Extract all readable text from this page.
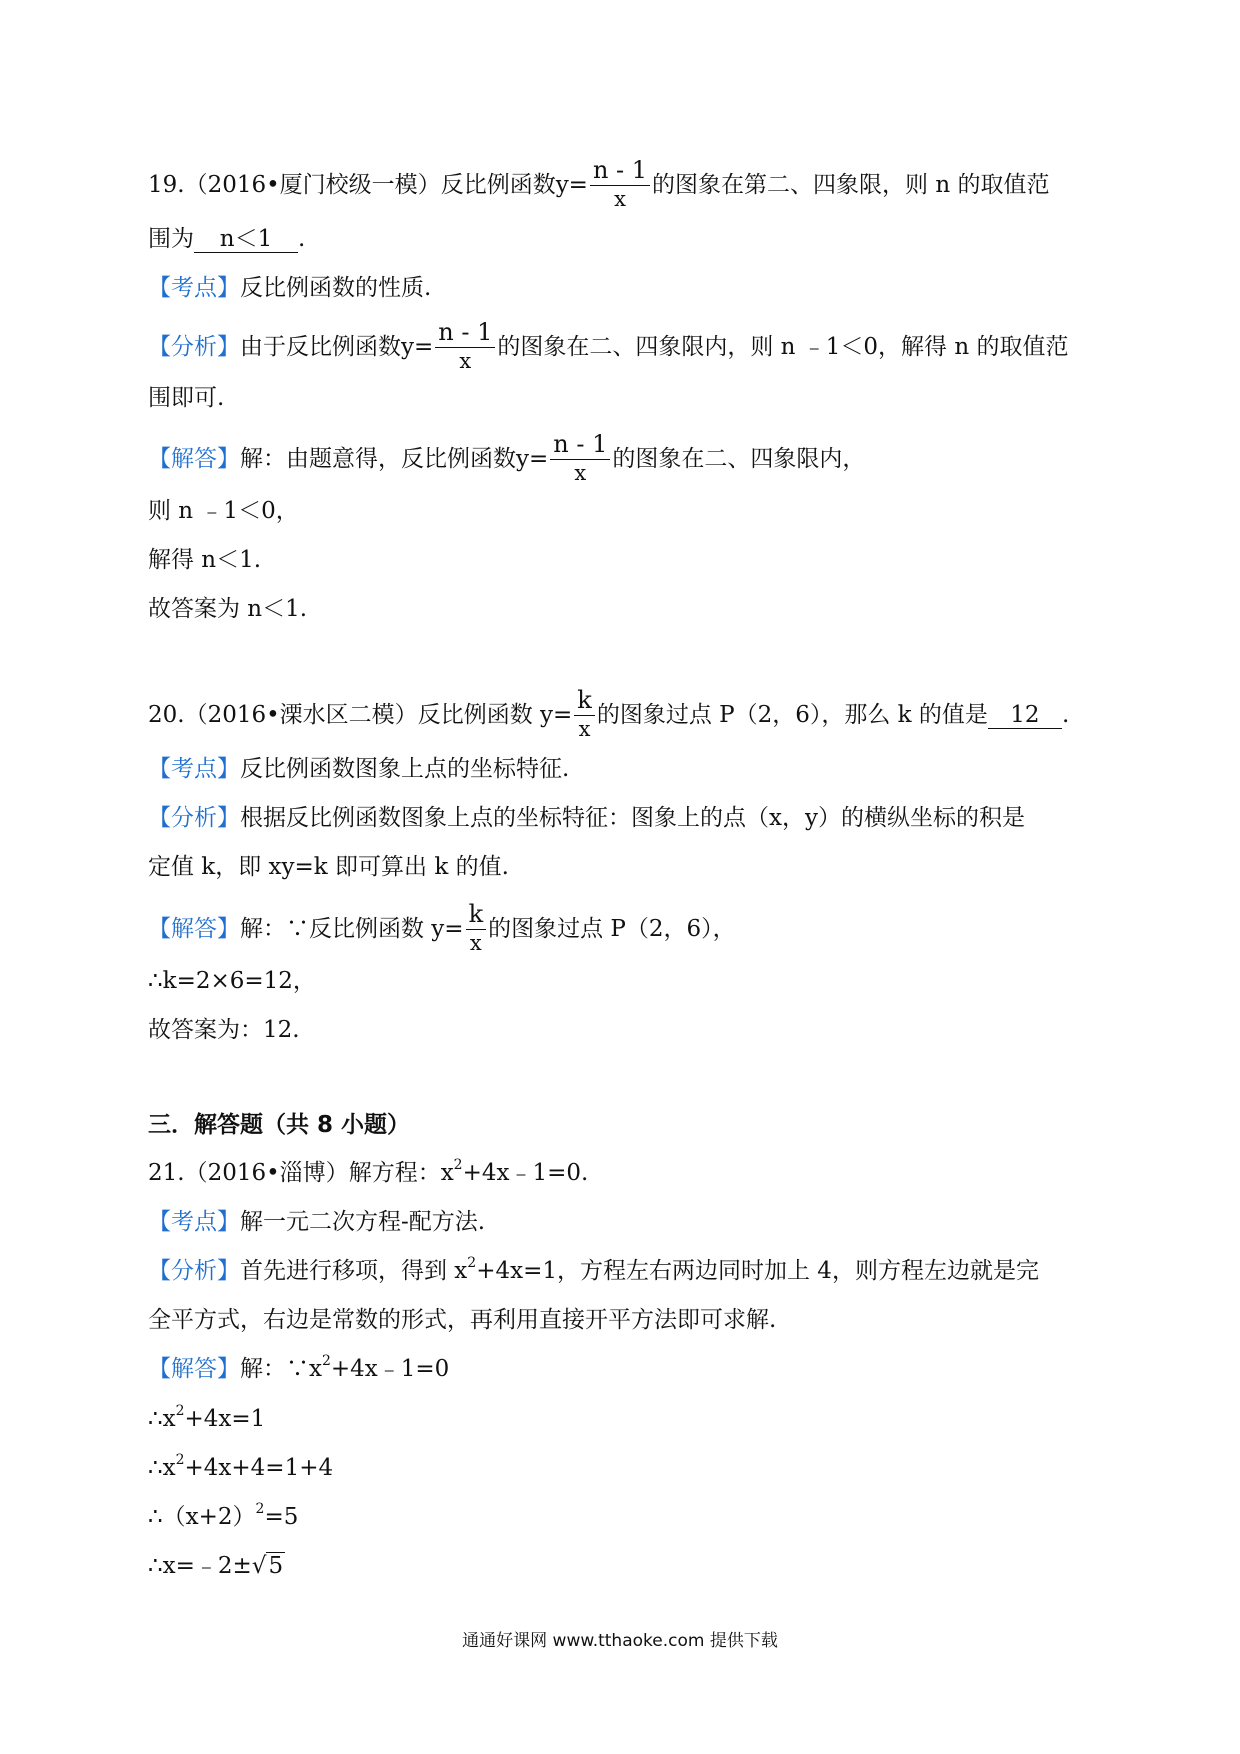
19.（2016•厦门校级一模）反比例函数$y= \frac{n - 1}{x}$ 的图象在第二、四象限，则 n 的取值范
围为 n＜1 .
【考点】反比例函数的性质.
【分析】由于反比例函数$y= \frac{n - 1}{x}$ 的图象在二、四象限内，则 n ﹣1＜0，解得 n 的取值范
围即可.
【解答】解：由题意得，反比例函数$y= \frac{n - 1}{x}$ 的图象在二、四象限内，
则 n ﹣1＜0，
解得 n＜1.
故答案为 n＜1.
20.（2016•溧水区二模）反比例函数 $y= \frac{k}{x}$ 的图象过点 P（2，6），那么 k 的值是 12 .
【考点】反比例函数图象上点的坐标特征.
【分析】根据反比例函数图象上点的坐标特征：图象上的点（x，y）的横纵坐标的积是
定值 k，即 xy=k 即可算出 k 的值.
【解答】解：∵反比例函数 $y= \frac{k}{x}$ 的图象过点 P（2，6），
∴k=2×6=12，
故答案为：12.
三．解答题（共 8 小题）
21.（2016•淄博）解方程：$x^2+4x﹣1=0$.
【考点】解一元二次方程-配方法.
【分析】首先进行移项，得到 $x^2+4x=1$，方程左右两边同时加上 4，则方程左边就是完
全平方式，右边是常数的形式，再利用直接开平方法即可求解.
【解答】解：$\because x^2+4x﹣1=0$
$\therefore x^2+4x=1$
$\therefore x^2+4x+4=1+4$
$\therefore(x+2)^2=5$
∴x=﹣2±√5
通通好课网 www.tthaoke.com 提供下载
